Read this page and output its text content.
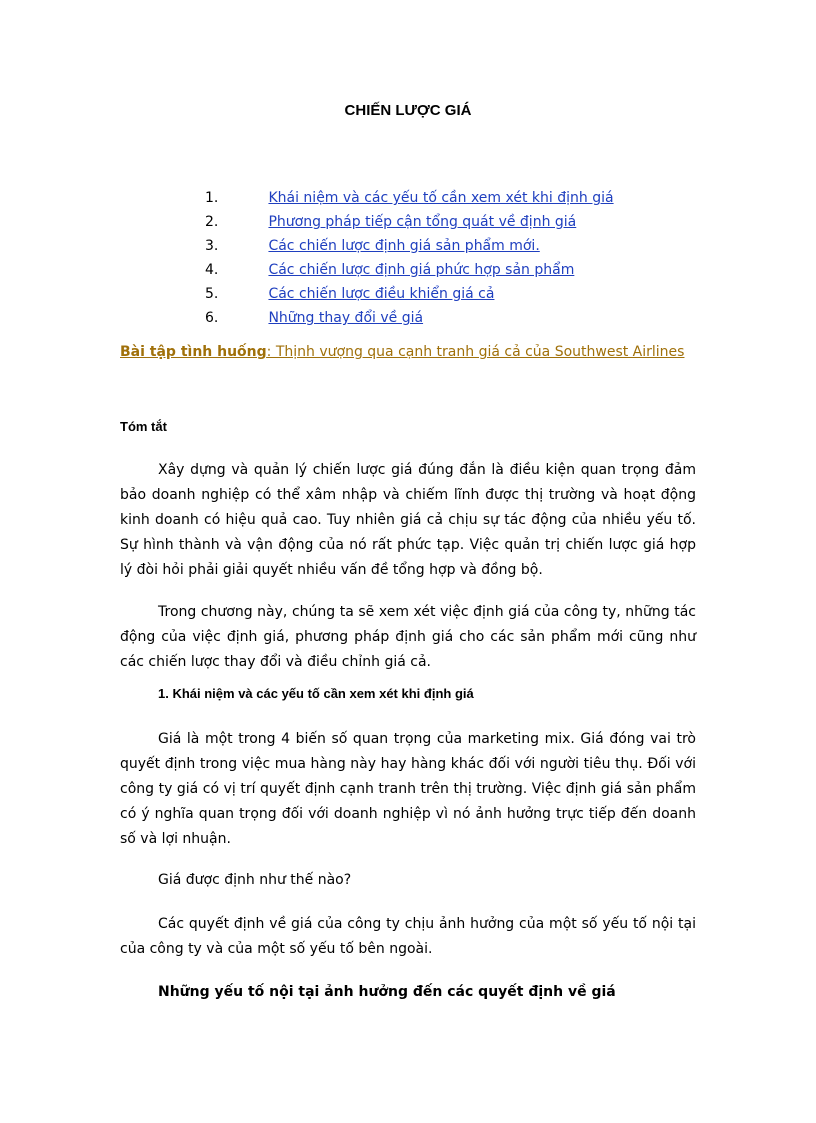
CHIẾN LƯỢC GIÁ
1.	Khái niệm và các yếu tố cần xem xét khi định giá
2.	Phương pháp tiếp cận tổng quát về định giá
3.	Các chiến lược định giá sản phẩm mới.
4.	Các chiến lược định giá phức hợp sản phẩm
5.	Các chiến lược điều khiển giá cả
6.	Những thay đổi về giá
Bài tập tình huống: Thịnh vượng qua cạnh tranh giá cả của Southwest Airlines
Tóm tắt

Xây dựng và quản lý chiến lược giá đúng đắn là điều kiện quan trọng đảm bảo doanh nghiệp có thể xâm nhập và chiếm lĩnh được thị trường và hoạt động kinh doanh có hiệu quả cao. Tuy nhiên giá cả chịu sự tác động của nhiều yếu tố. Sự hình thành và vận động của nó rất phức tạp. Việc quản trị chiến lược giá hợp lý đòi hỏi phải giải quyết nhiều vấn đề tổng hợp và đồng bộ.

Trong chương này, chúng ta sẽ xem xét việc định giá của công ty, những tác động của việc định giá, phương pháp định giá cho các sản phẩm mới cũng như các chiến lược thay đổi và điều chỉnh giá cả.

1. Khái niệm và các yếu tố cần xem xét khi định giá

Giá là một trong 4 biến số quan trọng của marketing mix. Giá đóng vai trò quyết định trong việc mua hàng này hay hàng khác đối với người tiêu thụ. Đối với công ty giá có vị trí quyết định cạnh tranh trên thị trường. Việc định giá sản phẩm có ý nghĩa quan trọng đối với doanh nghiệp vì nó ảnh hưởng trực tiếp đến doanh số và lợi nhuận.

Giá được định như thế nào?

Các quyết định về giá của công ty chịu ảnh hưởng của một số yếu tố nội tại của công ty và của một số yếu tố bên ngoài.

Những yếu tố nội tại ảnh hưởng đến các quyết định về giá
